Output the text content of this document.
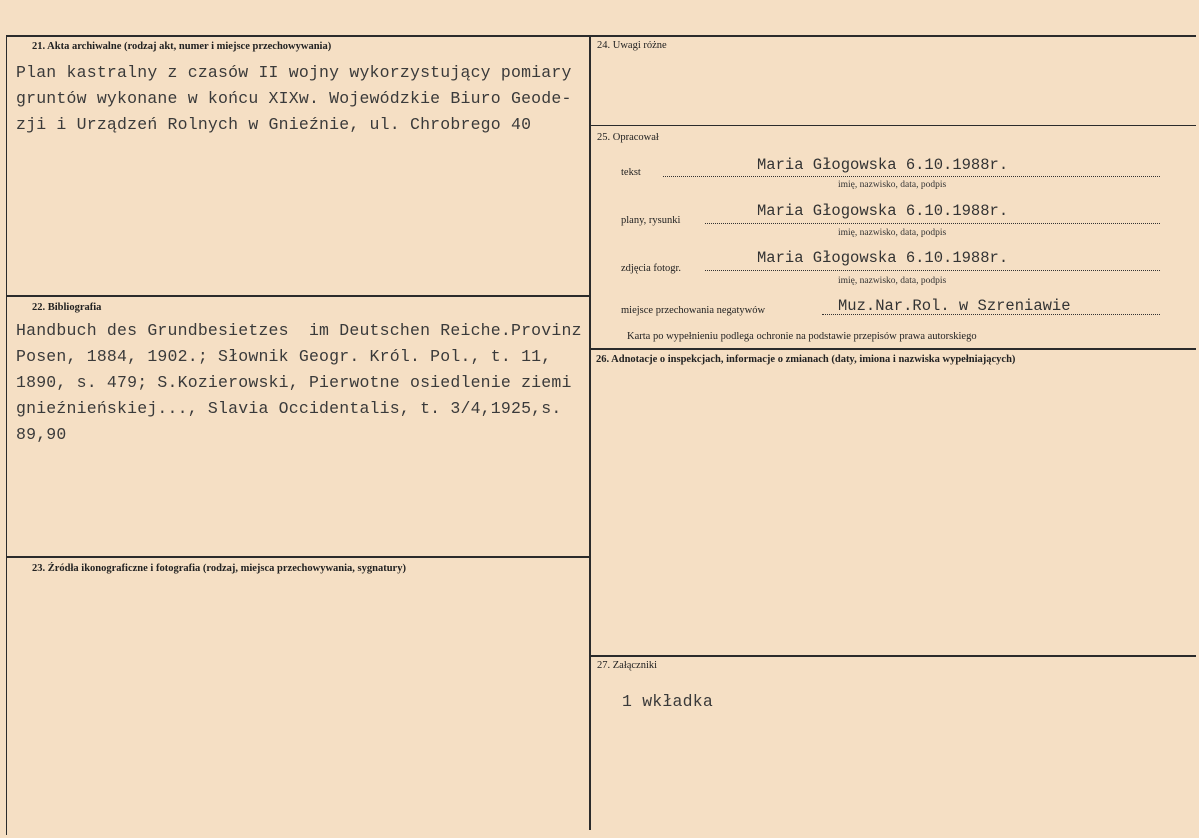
21. Akta archiwalne (rodzaj akt, numer i miejsce przechowywania)
Plan kastralny z czasów II wojny wykorzystujący pomiary
gruntów wykonane w końcu XIXw. Wojewódzkie Biuro Geode-
zji i Urządzeń Rolnych w Gnieźnie, ul. Chrobrego 40
22. Bibliografia
Handbuch des Grundbesietzes  im Deutschen Reiche.Provinz
Posen, 1884, 1902.; Słownik Geogr. Król. Pol., t. 11,
1890, s. 479; S.Kozierowski, Pierwotne osiedlenie ziemi
gnieźnieńskiej..., Slavia Occidentalis, t. 3/4,1925,s.
89,90
23. Źródła ikonograficzne i fotografia (rodzaj, miejsca przechowywania, sygnatury)
24. Uwagi różne
25. Opracował
tekst	Maria Głogowska 6.10.1988r.
imię, nazwisko, data, podpis
plany, rysunki
Maria Głogowska 6.10.1988r.
imię, nazwisko, data, podpis
zdjęcia fotogr.
Maria Głogowska 6.10.1988r.
imię, nazwisko, data, podpis
miejsce przechowania negatywów	Muz.Nar.Rol. w Szreniawie
Karta po wypełnieniu podlega ochronie na podstawie przepisów prawa autorskiego
26. Adnotacje o inspekcjach, informacje o zmianach (daty, imiona i nazwiska wypełniających)
27. Załączniki
1 wkładka
